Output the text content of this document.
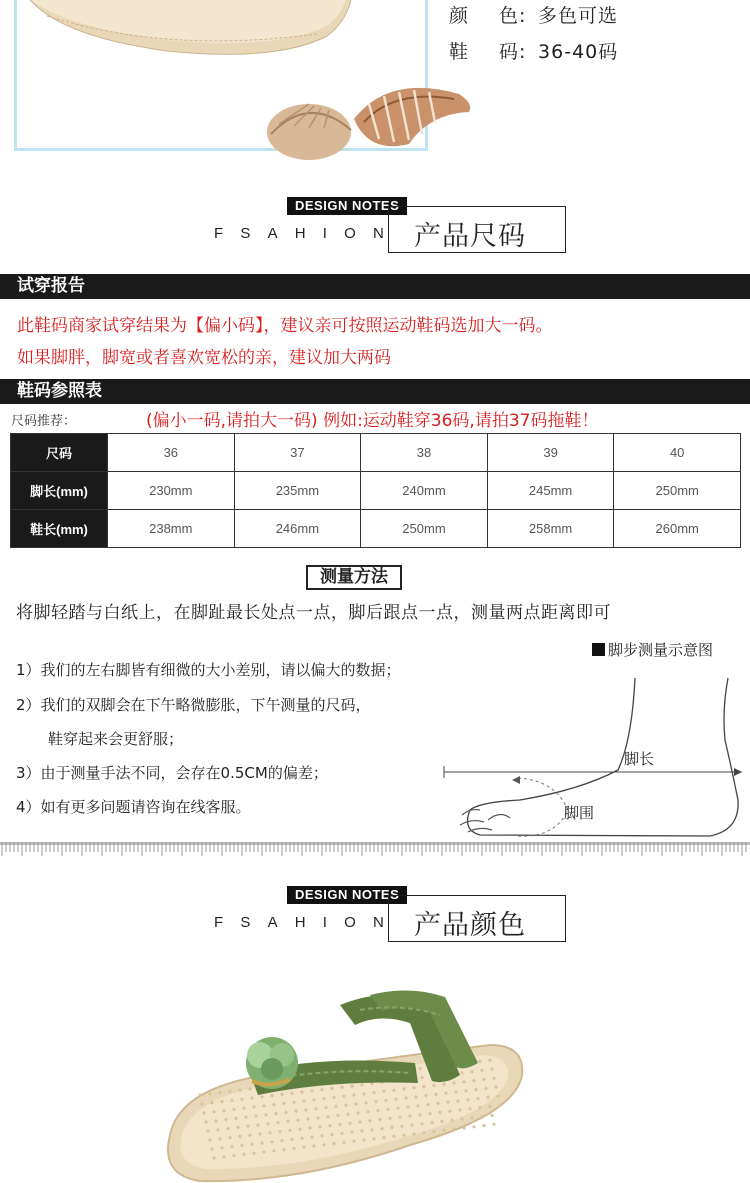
颜 色: 多色可选
鞋 码: 36-40码
DESIGN NOTES
FSAHION 产品尺码
试穿报告
此鞋码商家试穿结果为【偏小码】，建议亲可按照运动鞋码选加大一码。
如果脚胖，脚宽或者喜欢宽松的亲，建议加大两码
鞋码参照表
尺码推荐：	(偏小一码,请拍大一码) 例如:运动鞋穿36码,请拍37码拖鞋！
尺码	36	37	38	39	40
脚长(mm)	230mm	235mm	240mm	245mm	250mm
鞋长(mm)	238mm	246mm	250mm	258mm	260mm
测量方法
将脚轻踏与白纸上，在脚趾最长处点一点，脚后跟点一点，测量两点距离即可
1）我们的左右脚皆有细微的大小差别，请以偏大的数据；
2）我们的双脚会在下午略微膨胀，下午测量的尺码，
鞋穿起来会更舒服；
3）由于测量手法不同，会存在0.5CM的偏差；
4）如有更多问题请咨询在线客服。
脚步测量示意图
脚长
脚围
DESIGN NOTES
FSAHION 产品颜色
